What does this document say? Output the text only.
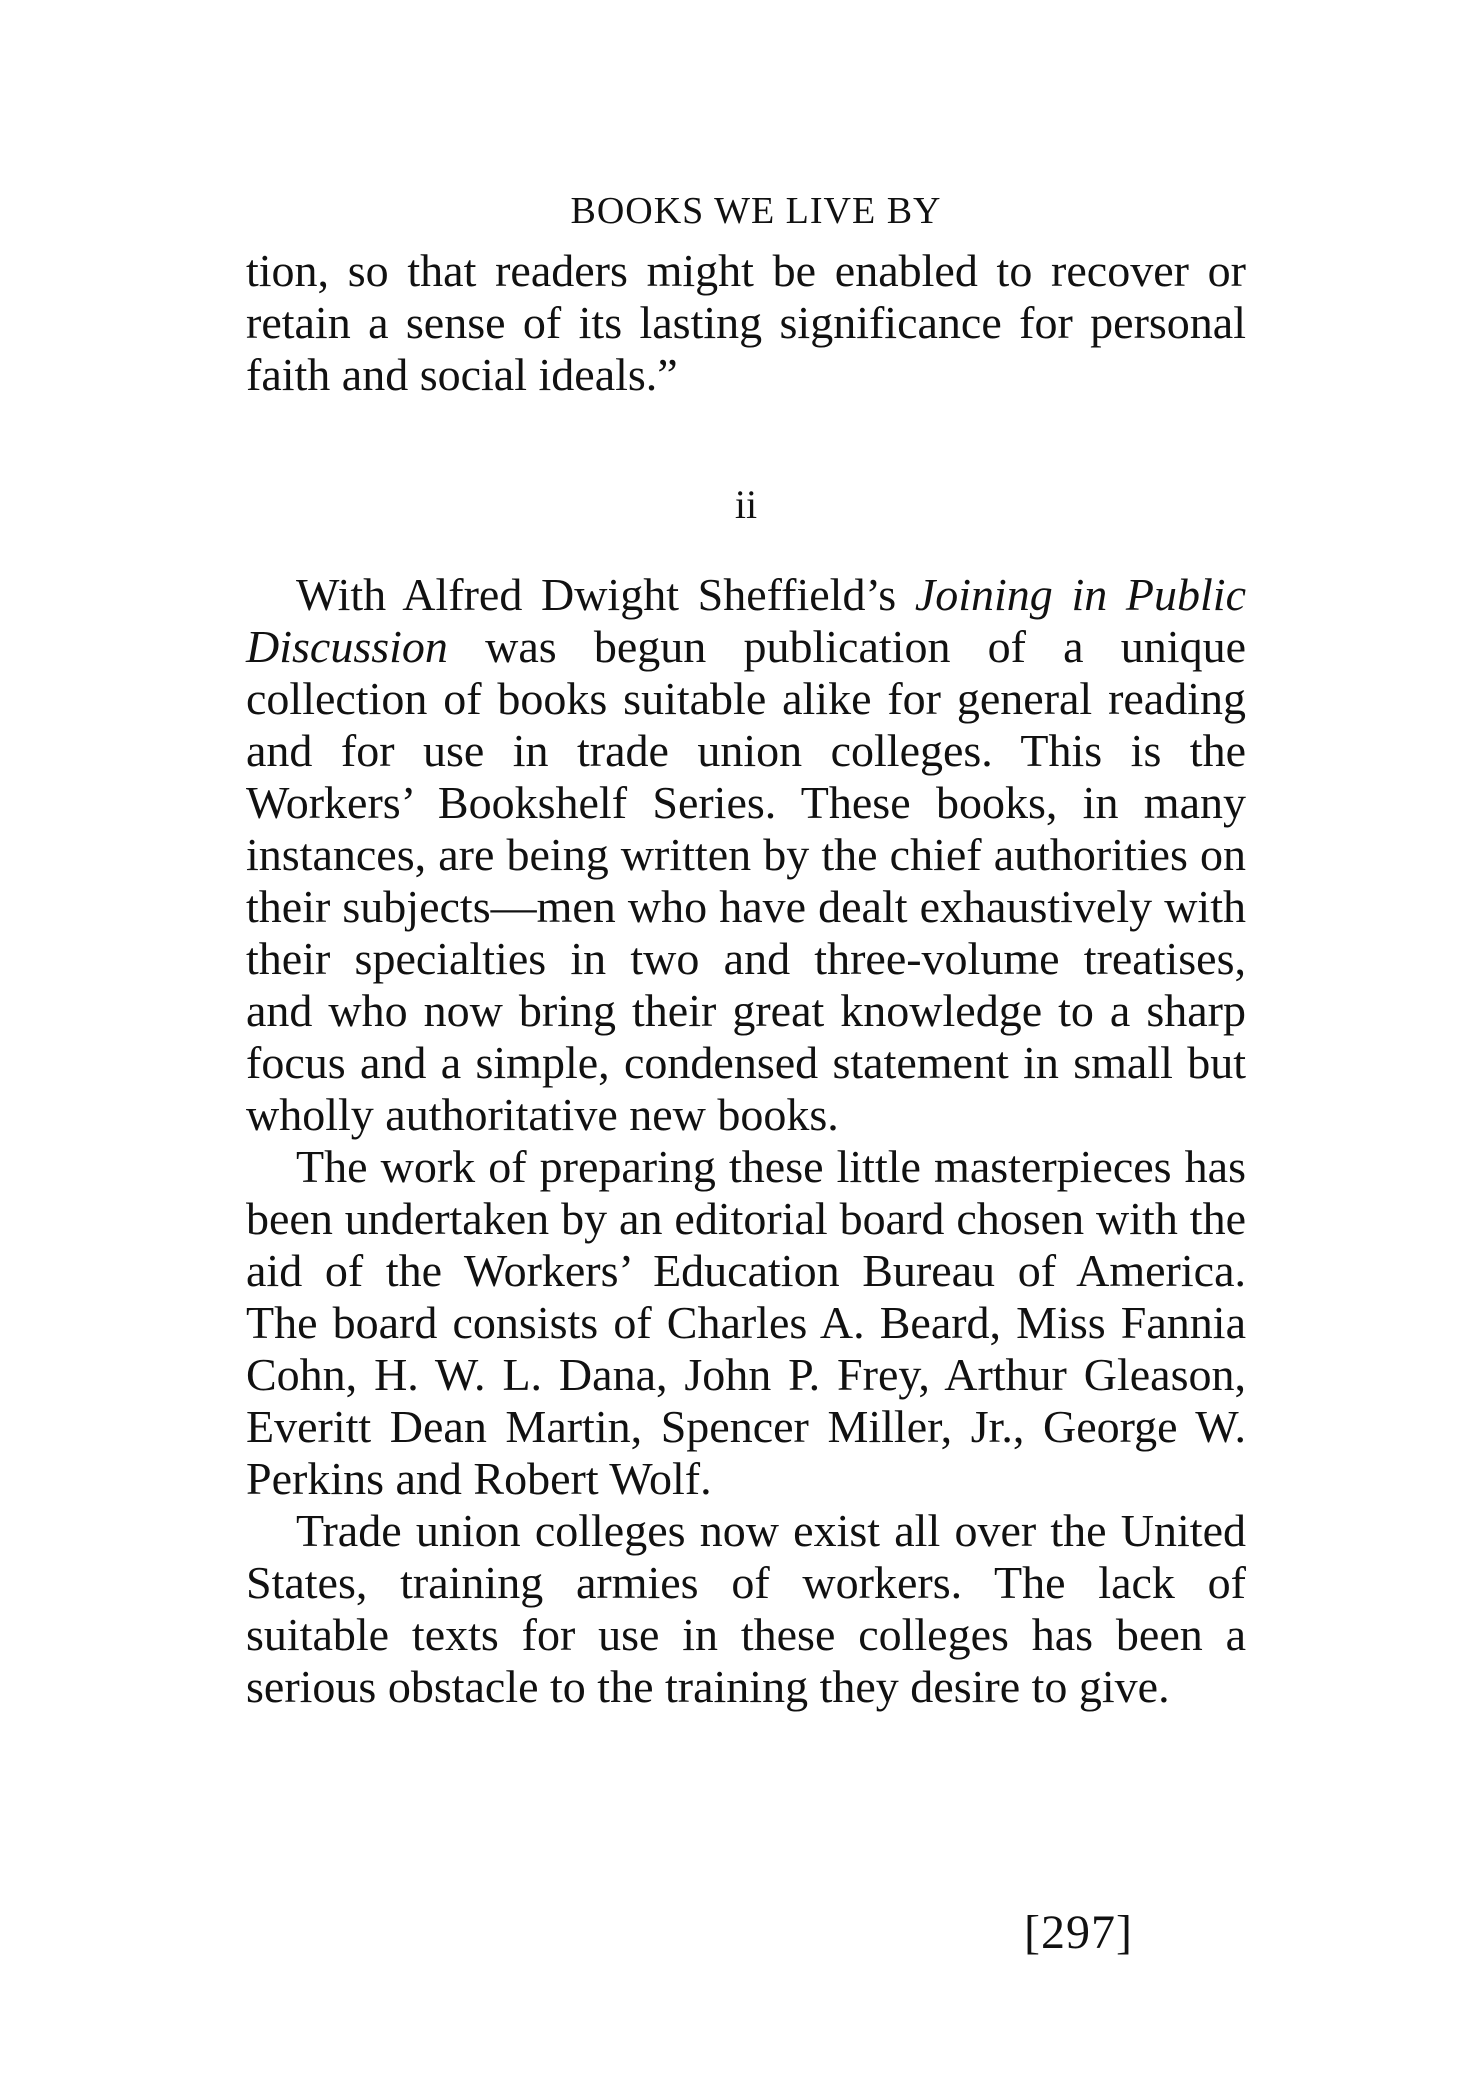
BOOKS WE LIVE BY

tion, so that readers might be enabled to recover or retain a sense of its lasting significance for personal faith and social ideals.”

ii

With Alfred Dwight Sheffield’s Joining in Public Discussion was begun publication of a unique collection of books suitable alike for general reading and for use in trade union colleges. This is the Workers’ Bookshelf Series. These books, in many instances, are being written by the chief authorities on their subjects—men who have dealt exhaustively with their specialties in two and three-volume treatises, and who now bring their great knowledge to a sharp focus and a simple, condensed statement in small but wholly authoritative new books.

The work of preparing these little masterpieces has been undertaken by an editorial board chosen with the aid of the Workers’ Education Bureau of America. The board consists of Charles A. Beard, Miss Fannia Cohn, H. W. L. Dana, John P. Frey, Arthur Gleason, Everitt Dean Martin, Spencer Miller, Jr., George W. Perkins and Robert Wolf.

Trade union colleges now exist all over the United States, training armies of workers. The lack of suitable texts for use in these colleges has been a serious obstacle to the training they desire to give.

[297]
